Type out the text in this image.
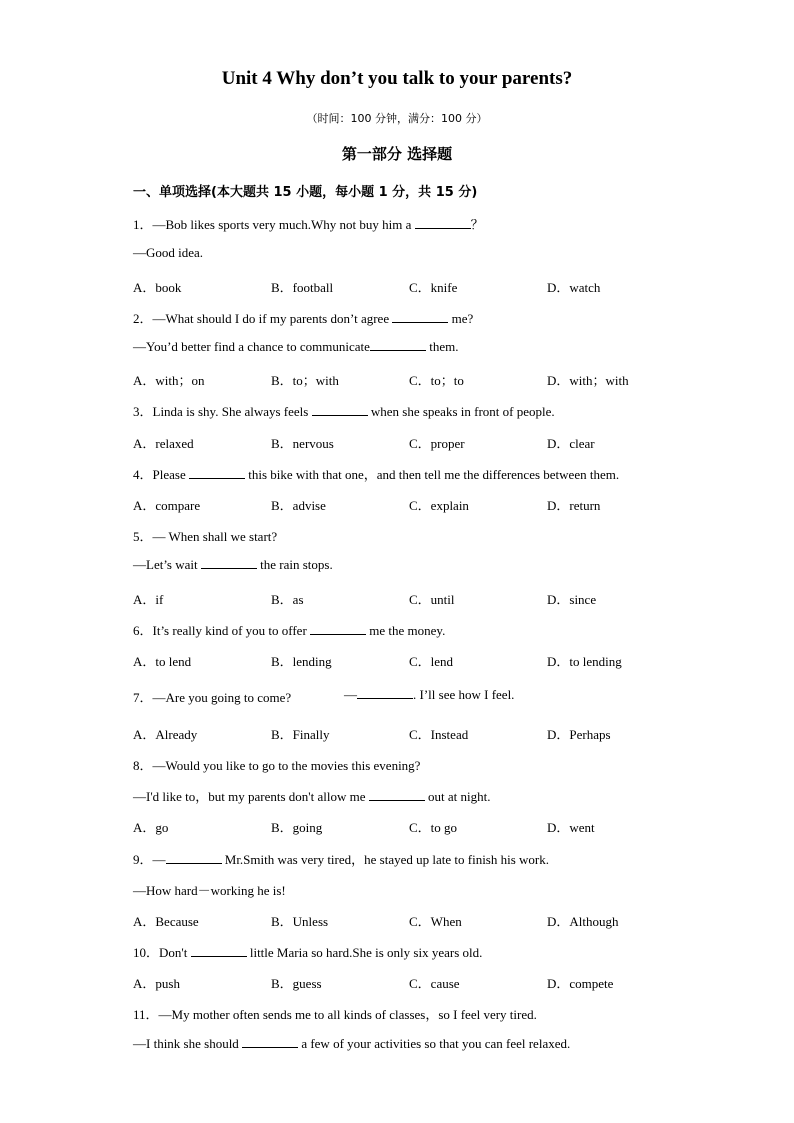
Unit 4 Why don’t you talk to your parents?
（时间：100 分钟，满分：100 分）
第一部分 选择题
一、单项选择(本大题共 15 小题，每小题 1 分，共 15 分)
1．—Bob likes sports very much.Why not buy him a	？
—Good idea.
A．book	B．football	C．knife	D．watch
2．—What should I do if my parents don’t agree	me?
—You’d better find a chance to communicate	them.
A．with；on	B．to；with	C．to；to	D．with；with
3．Linda is shy. She always feels	when she speaks in front of people.
A．relaxed	B．nervous	C．proper	D．clear
4．Please	this bike with that one，and then tell me the differences between them.
A．compare	B．advise	C．explain	D．return
5．— When shall we start?
—Let’s wait	the rain stops.
A．if	B．as	C．until	D．since
6．It’s really kind of you to offer	me the money.
A．to lend	B．lending	C．lend	D．to lending
7．—Are you going to come?	—	. I’ll see how I feel.
A．Already	B．Finally	C．Instead	D．Perhaps
8．—Would you like to go to the movies this evening?
—I'd like to，but my parents don't allow me	out at night.
A．go	B．going	C．to go	D．went
9．—	Mr.Smith was very tired，he stayed up late to finish his work.
—How hard－working he is!
A．Because	B．Unless	C．When	D．Although
10．Don't	little Maria so hard.She is only six years old.
A．push	B．guess	C．cause	D．compete
11．—My mother often sends me to all kinds of classes，so I feel very tired.
—I think she should	a few of your activities so that you can feel relaxed.
